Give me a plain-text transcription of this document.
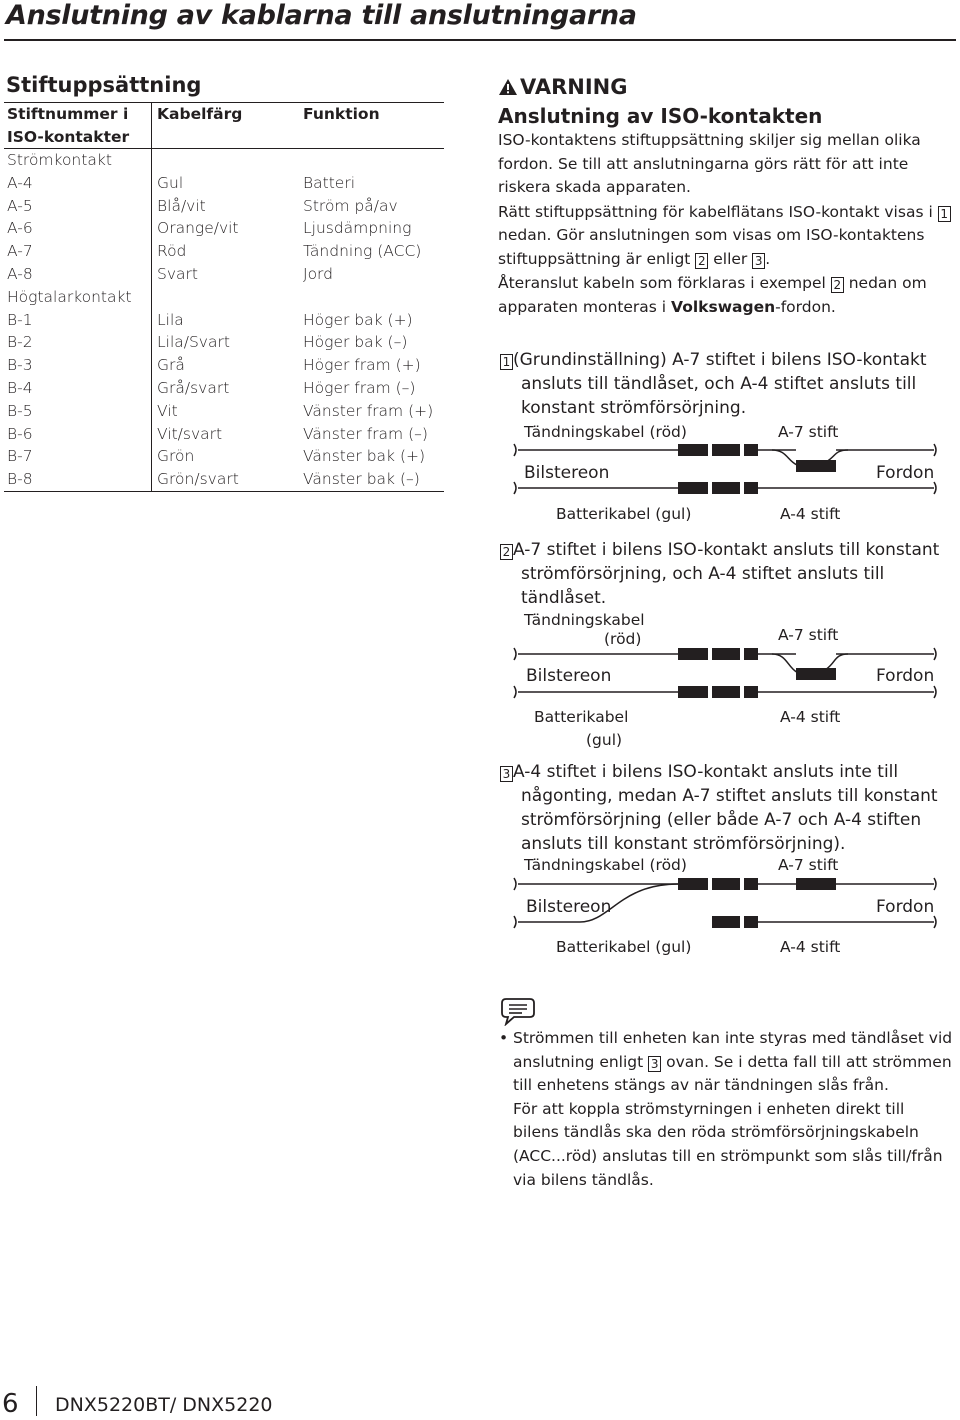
Anslutning av kablarna till anslutningarna
Stiftuppsättning
Stiftnummer i ISO-kontakter	Kabelfärg	Funktion
Strömkontakt		
A-4	Gul	Batteri
A-5	Blå/vit	Ström på/av
A-6	Orange/vit	Ljusdämpning
A-7	Röd	Tändning (ACC)
A-8	Svart	Jord
Högtalarkontakt		
B-1	Lila	Höger bak (+)
B-2	Lila/Svart	Höger bak (–)
B-3	Grå	Höger fram (+)
B-4	Grå/svart	Höger fram (–)
B-5	Vit	Vänster fram (+)
B-6	Vit/svart	Vänster fram (–)
B-7	Grön	Vänster bak (+)
B-8	Grön/svart	Vänster bak (–)
VARNING
Anslutning av ISO-kontakten
ISO-kontaktens stiftuppsättning skiljer sig mellan olika fordon. Se till att anslutningarna görs rätt för att inte riskera skada apparaten.
Rätt stiftuppsättning för kabelflätans ISO-kontakt visas i 1 nedan. Gör anslutningen som visas om ISO-kontaktens stiftuppsättning är enligt 2 eller 3 .
Återanslut kabeln som förklaras i exempel 2 nedan om apparaten monteras i Volkswagen-fordon.
1 (Grundinställning) A-7 stiftet i bilens ISO-kontakt
ansluts till tändlåset, och A-4 stiftet ansluts till konstant strömförsörjning.
Tändningskabel (röd)	A-7 stift
Bilstereon	Fordon
Batterikabel (gul)	A-4 stift
2 A-7 stiftet i bilens ISO-kontakt ansluts till konstant
strömförsörjning, och A-4 stiftet ansluts till tändlåset.
Tändningskabel
(röd)	A-7 stift
Bilstereon	Fordon
Batterikabel
(gul)
A-4 stift
3 A-4 stiftet i bilens ISO-kontakt ansluts inte till
någonting, medan A-7 stiftet ansluts till konstant strömförsörjning (eller både A-7 och A-4 stiften ansluts till konstant strömförsörjning).
Tändningskabel (röd)	A-7 stift
Bilstereon	Fordon
Batterikabel (gul)	A-4 stift
• Strömmen till enheten kan inte styras med tändlåset vid anslutning enligt 3 ovan. Se i detta fall till att strömmen till enhetens stängs av när tändningen slås från.
För att koppla strömstyrningen i enheten direkt till bilens tändlås ska den röda strömförsörjningskabeln (ACC...röd) anslutas till en strömpunkt som slås till/från via bilens tändlås.
6 DNX5220BT/ DNX5220
